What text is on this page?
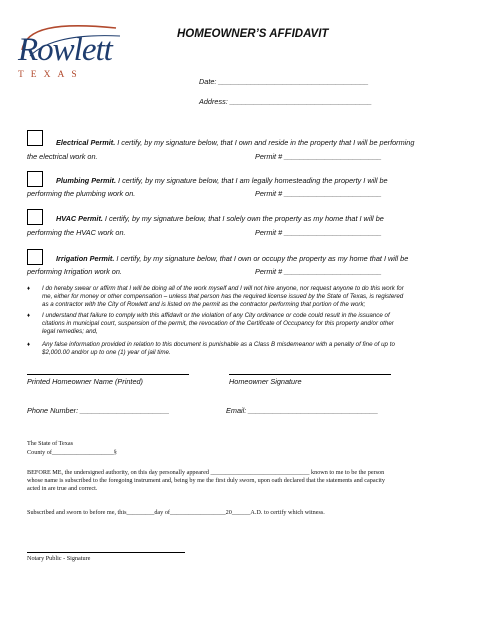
Rowlett
TEXAS
HOMEOWNER’S AFFIDAVIT
Date: _____________________________________
Address: ___________________________________
Electrical Permit. I certify, by my signature below, that I own and reside in the property that I will be performing
the electrical work on.	Permit # ________________________
Plumbing Permit. I certify, by my signature below, that I am legally homesteading the property I will be
performing the plumbing work on.	Permit # ________________________
HVAC Permit. I certify, by my signature below, that I solely own the property as my home that I will be
performing the HVAC work on.	Permit # ________________________
Irrigation Permit. I certify, by my signature below, that I own or occupy the property as my home that I will be
performing Irrigation work on.	Permit # ________________________
♦ I do hereby swear or affirm that I will be doing all of the work myself and I will not hire anyone, nor request anyone to do this work for
me, either for money or other compensation – unless that person has the required license issued by the State of Texas, is registered
as a contractor with the City of Rowlett and is listed on the permit as the contractor performing that portion of the work;
♦ I understand that failure to comply with this affidavit or the violation of any City ordinance or code could result in the issuance of
citations in municipal court, suspension of the permit, the revocation of the Certificate of Occupancy for this property and/or other
legal remedies; and,
♦ Any false information provided in relation to this document is punishable as a Class B misdemeanor with a penalty of fine of up to
$2,000.00 and/or up to one (1) year of jail time.
Printed Homeowner Name (Printed)	Homeowner Signature
Phone Number: ______________________	Email: ________________________________
The State of Texas
County of____________________§
BEFORE ME, the undersigned authority, on this day personally appeared ________________________________ known to me to be the person
whose name is subscribed to the foregoing instrument and, being by me the first duly sworn, upon oath declared that the statements and capacity
acted in are true and correct.
Subscribed and sworn to before me, this_________day of__________________20______A.D. to certify which witness.
Notary Public - Signature
